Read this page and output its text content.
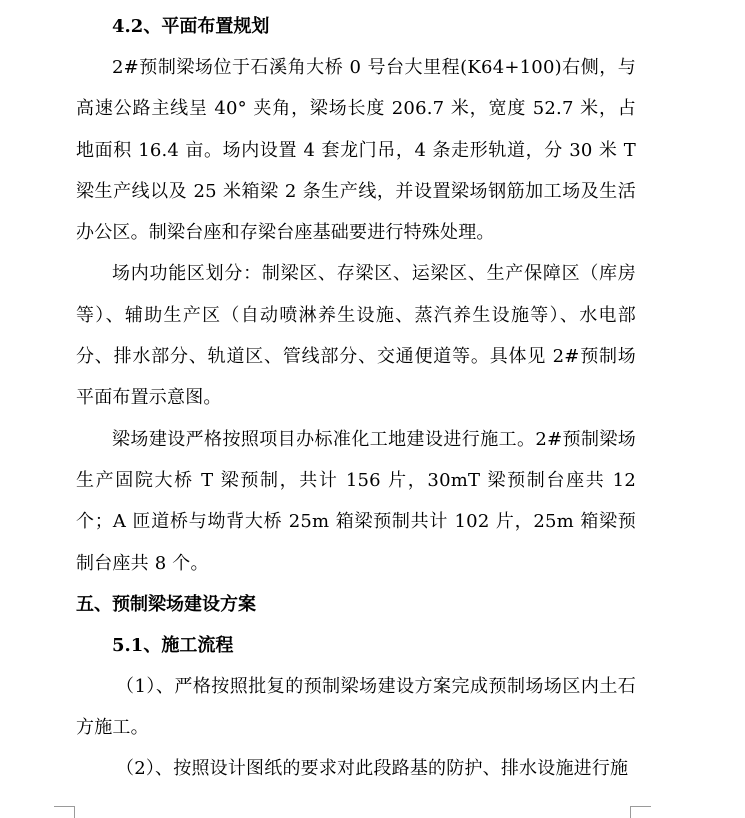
4.2、平面布置规划

2#预制梁场位于石溪角大桥 0 号台大里程(K64+100)右侧，与高速公路主线呈 40° 夹角，梁场长度 206.7 米，宽度 52.7 米，占地面积 16.4 亩。场内设置 4 套龙门吊，4 条走形轨道，分 30 米 T 梁生产线以及 25 米箱梁 2 条生产线，并设置梁场钢筋加工场及生活办公区。制梁台座和存梁台座基础要进行特殊处理。

场内功能区划分：制梁区、存梁区、运梁区、生产保障区（库房等）、辅助生产区（自动喷淋养生设施、蒸汽养生设施等）、水电部分、排水部分、轨道区、管线部分、交通便道等。具体见 2#预制场平面布置示意图。

梁场建设严格按照项目办标准化工地建设进行施工。2#预制梁场生产固院大桥 T 梁预制，共计 156 片，30mT 梁预制台座共 12 个；A 匝道桥与坳背大桥 25m 箱梁预制共计 102 片，25m 箱梁预制台座共 8 个。

五、预制梁场建设方案

5.1、施工流程

（1）、严格按照批复的预制梁场建设方案完成预制场场区内土石方施工。

（2）、按照设计图纸的要求对此段路基的防护、排水设施进行施
